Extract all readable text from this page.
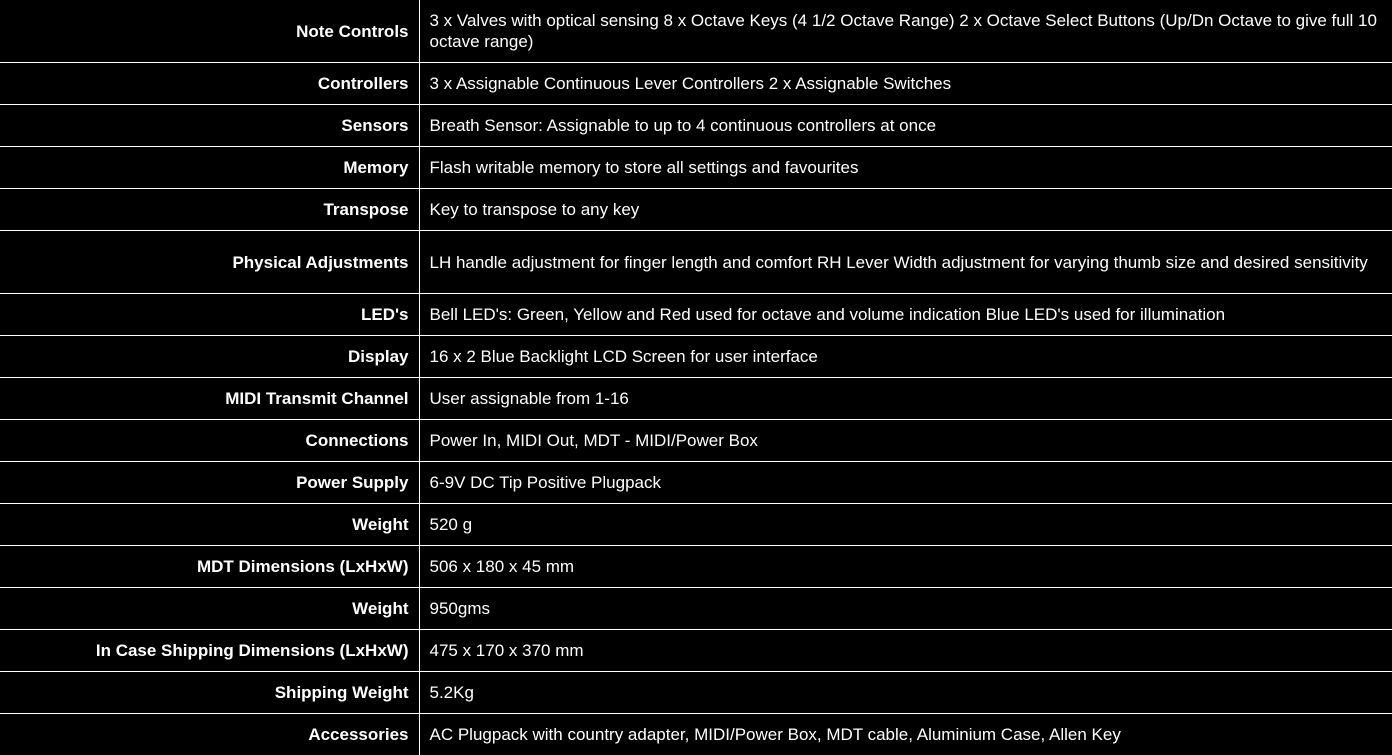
Note Controls	3 x Valves with optical sensing 8 x Octave Keys (4 1/2 Octave Range) 2 x Octave Select Buttons (Up/Dn Octave to give full 10 octave range)
Controllers	3 x Assignable Continuous Lever Controllers 2 x Assignable Switches
Sensors	Breath Sensor: Assignable to up to 4 continuous controllers at once
Memory	Flash writable memory to store all settings and favourites
Transpose	Key to transpose to any key
Physical Adjustments	LH handle adjustment for finger length and comfort RH Lever Width adjustment for varying thumb size and desired sensitivity
LED's	Bell LED's: Green, Yellow and Red used for octave and volume indication Blue LED's used for illumination
Display	16 x 2 Blue Backlight LCD Screen for user interface
MIDI Transmit Channel	User assignable from 1-16
Connections	Power In, MIDI Out, MDT - MIDI/Power Box
Power Supply	6-9V DC Tip Positive Plugpack
Weight	520 g
MDT Dimensions (LxHxW)	506 x 180 x 45 mm
Weight	950gms
In Case Shipping Dimensions (LxHxW)	475 x 170 x 370 mm
Shipping Weight	5.2Kg
Accessories	AC Plugpack with country adapter, MIDI/Power Box, MDT cable, Aluminium Case, Allen Key
